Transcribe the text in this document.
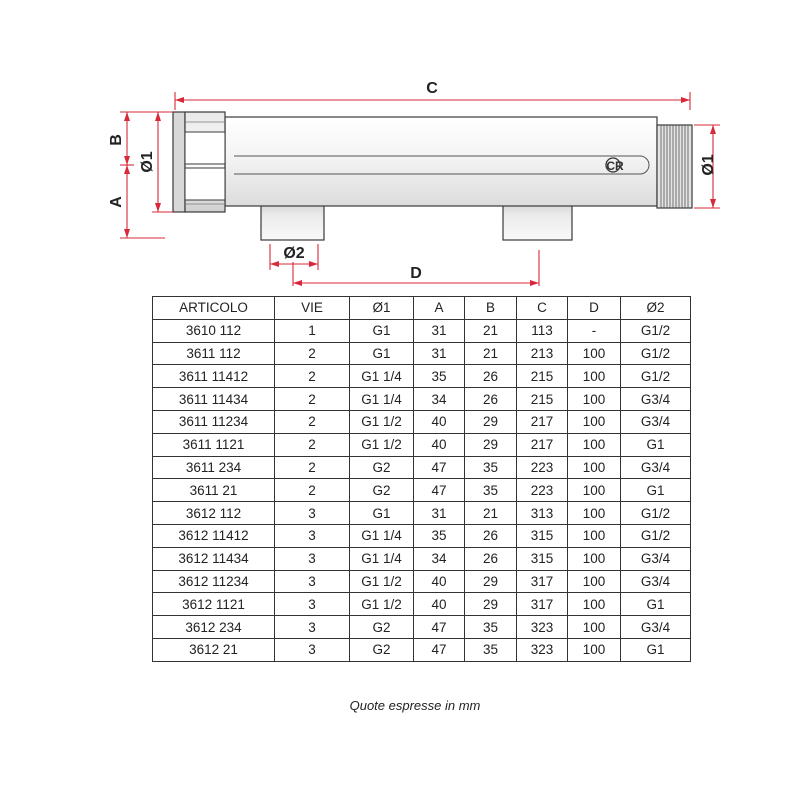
CR
C
B
A
Ø1	Ø1
Ø2
D
ARTICOLO	VIE	Ø1	A	B	C	D	Ø2
3610 112	1	G1	31	21	113	-	G1/2
3611 112	2	G1	31	21	213	100	G1/2
3611 11412	2	G1 1/4	35	26	215	100	G1/2
3611 11434	2	G1 1/4	34	26	215	100	G3/4
3611 11234	2	G1 1/2	40	29	217	100	G3/4
3611 1121	2	G1 1/2	40	29	217	100	G1
3611 234	2	G2	47	35	223	100	G3/4
3611 21	2	G2	47	35	223	100	G1
3612 112	3	G1	31	21	313	100	G1/2
3612 11412	3	G1 1/4	35	26	315	100	G1/2
3612 11434	3	G1 1/4	34	26	315	100	G3/4
3612 11234	3	G1 1/2	40	29	317	100	G3/4
3612 1121	3	G1 1/2	40	29	317	100	G1
3612 234	3	G2	47	35	323	100	G3/4
3612 21	3	G2	47	35	323	100	G1
Quote espresse in mm
